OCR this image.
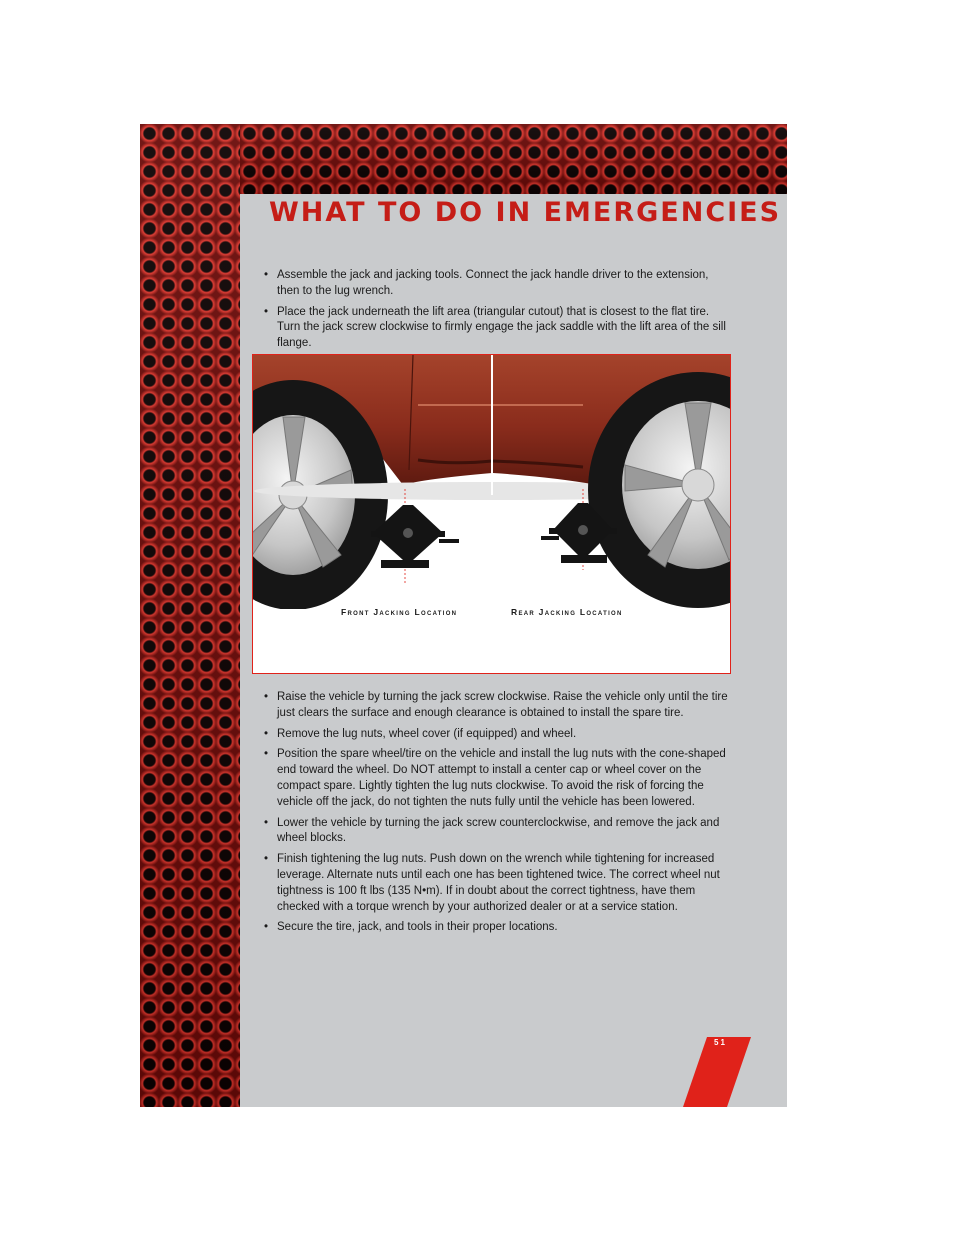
WHAT TO DO IN EMERGENCIES
• Assemble the jack and jacking tools. Connect the jack handle driver to the extension, then to the lug wrench.
• Place the jack underneath the lift area (triangular cutout) that is closest to the flat tire. Turn the jack screw clockwise to firmly engage the jack saddle with the lift area of the sill flange.
Front Jacking Location	Rear Jacking Location
• Raise the vehicle by turning the jack screw clockwise. Raise the vehicle only until the tire just clears the surface and enough clearance is obtained to install the spare tire.
• Remove the lug nuts, wheel cover (if equipped) and wheel.
• Position the spare wheel/tire on the vehicle and install the lug nuts with the cone-shaped end toward the wheel. Do NOT attempt to install a center cap or wheel cover on the compact spare. Lightly tighten the lug nuts clockwise. To avoid the risk of forcing the vehicle off the jack, do not tighten the nuts fully until the vehicle has been lowered.
• Lower the vehicle by turning the jack screw counterclockwise, and remove the jack and wheel blocks.
• Finish tightening the lug nuts. Push down on the wrench while tightening for increased leverage. Alternate nuts until each one has been tightened twice. The correct wheel nut tightness is 100 ft lbs (135 N•m). If in doubt about the correct tightness, have them checked with a torque wrench by your authorized dealer or at a service station.
• Secure the tire, jack, and tools in their proper locations.
51
